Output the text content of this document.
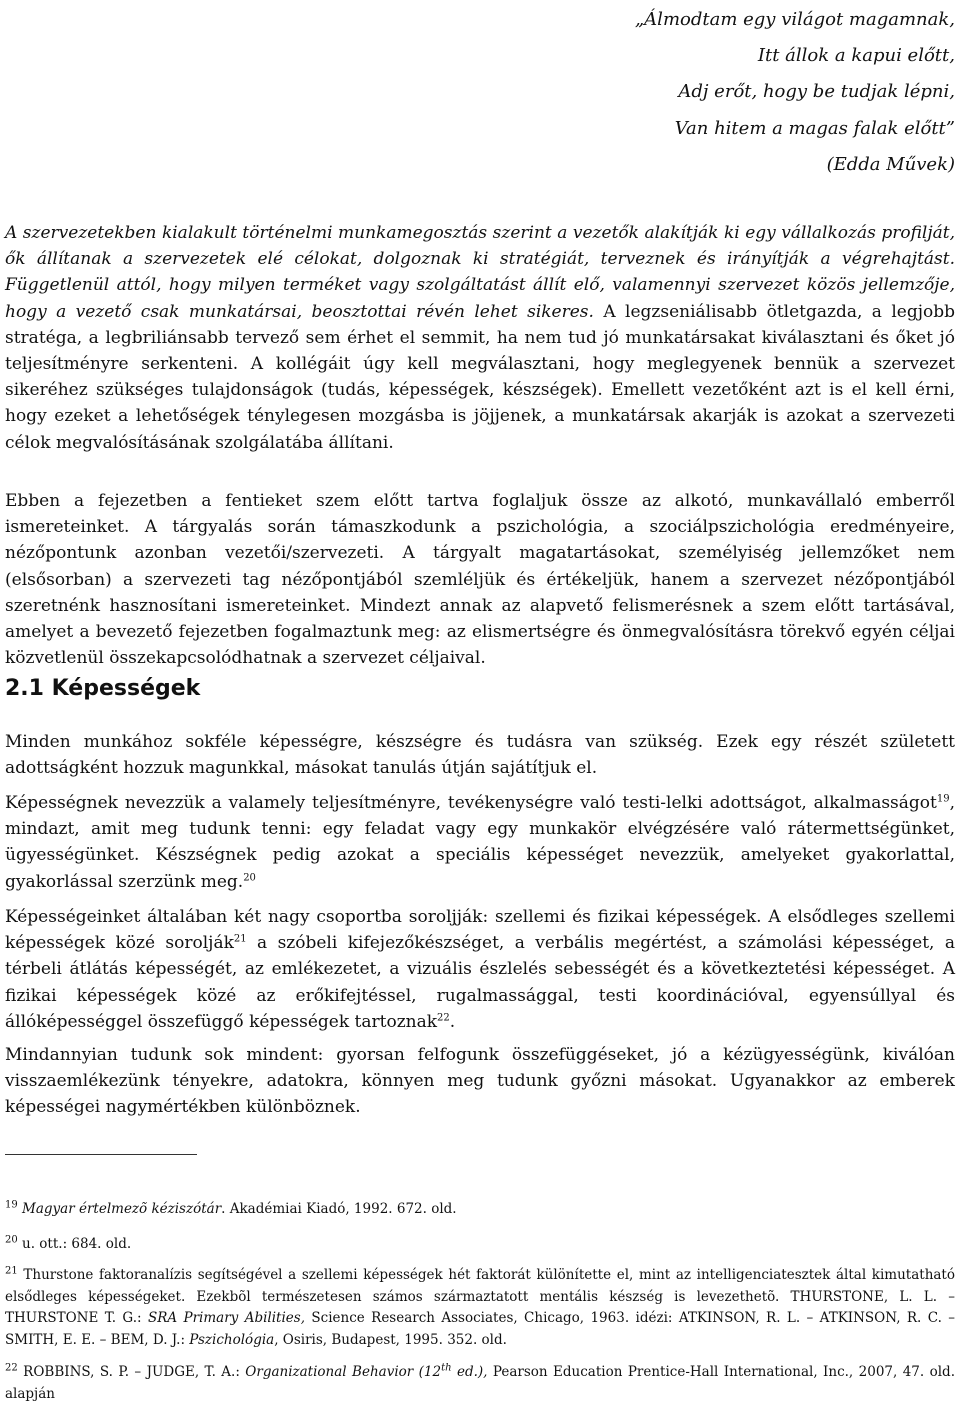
„Álmodtam egy világot magamnak,
Itt állok a kapui előtt,
Adj erőt, hogy be tudjak lépni,
Van hitem a magas falak előtt”
(Edda Művek)

A szervezetekben kialakult történelmi munkamegosztás szerint a vezetők alakítják ki egy vállalkozás profilját, ők állítanak a szervezetek elé célokat, dolgoznak ki stratégiát, terveznek és irányítják a végrehajtást. Függetlenül attól, hogy milyen terméket vagy szolgáltatást állít elő, valamennyi szervezet közös jellemzője, hogy a vezető csak munkatársai, beosztottai révén lehet sikeres. A legzseniálisabb ötletgazda, a legjobb stratéga, a legbriliánsabb tervező sem érhet el semmit, ha nem tud jó munkatársakat kiválasztani és őket jó teljesítményre serkenteni. A kollégáit úgy kell megválasztani, hogy meglegyenek bennük a szervezet sikeréhez szükséges tulajdonságok (tudás, képességek, készségek). Emellett vezetőként azt is el kell érni, hogy ezeket a lehetőségek ténylegesen mozgásba is jöjjenek, a munkatársak akarják is azokat a szervezeti célok megvalósításának szolgálatába állítani.

Ebben a fejezetben a fentieket szem előtt tartva foglaljuk össze az alkotó, munkavállaló emberről ismereteinket. A tárgyalás során támaszkodunk a pszichológia, a szociálpszichológia eredményeire, nézőpontunk azonban vezetői/szervezeti. A tárgyalt magatartásokat, személyiség jellemzőket nem (elsősorban) a szervezeti tag nézőpontjából szemléljük és értékeljük, hanem a szervezet nézőpontjából szeretnénk hasznosítani ismereteinket. Mindezt annak az alapvető felismerésnek a szem előtt tartásával, amelyet a bevezető fejezetben fogalmaztunk meg: az elismertségre és önmegvalósításra törekvő egyén céljai közvetlenül összekapcsolódhatnak a szervezet céljaival.

2.1 Képességek

Minden munkához sokféle képességre, készségre és tudásra van szükség. Ezek egy részét született adottságként hozzuk magunkkal, másokat tanulás útján sajátítjuk el.

Képességnek nevezzük a valamely teljesítményre, tevékenységre való testi-lelki adottságot, alkalmasságot$^{19}$, mindazt, amit meg tudunk tenni: egy feladat vagy egy munkakör elvégzésére való rátermettségünket, ügyességünket. Készségnek pedig azokat a speciális képességet nevezzük, amelyeket gyakorlattal, gyakorlással szerzünk meg.$^{20}$

Képességeinket általában két nagy csoportba soroljják: szellemi és fizikai képességek. A elsődleges szellemi képességek közé sorolják$^{21}$ a szóbeli kifejezőkészséget, a verbális megértést, a számolási képességet, a térbeli átlátás képességét, az emlékezetet, a vizuális észlelés sebességét és a következtetési képességet. A fizikai képességek közé az erőkifejtéssel, rugalmassággal, testi koordinációval, egyensúllyal és állóképességgel összefüggő képességek tartoznak$^{22}$.

Mindannyian tudunk sok mindent: gyorsan felfogunk összefüggéseket, jó a kézügyességünk, kiválóan visszaemlékezünk tényekre, adatokra, könnyen meg tudunk győzni másokat. Ugyanakkor az emberek képességei nagymértékben különböznek.

$^{19}$ Magyar értelmezõ kéziszótár. Akadémiai Kiadó, 1992. 672. old.

$^{20}$ u. ott.: 684. old.

$^{21}$ Thurstone faktoranalízis segítségével a szellemi képességek hét faktorát különítette el, mint az intelligenciatesztek által kimutatható elsődleges képességeket. Ezekbõl természetesen számos származtatott mentális készség is levezethetõ. THURSTONE, L. L. – THURSTONE T. G.: SRA Primary Abilities, Science Research Associates, Chicago, 1963. idézi: ATKINSON, R. L. – ATKINSON, R. C. – SMITH, E. E. – BEM, D. J.: Pszichológia, Osiris, Budapest, 1995. 352. old.

$^{22}$ ROBBINS, S. P. – JUDGE, T. A.: Organizational Behavior (12th ed.), Pearson Education Prentice-Hall International, Inc., 2007, 47. old. alapján
